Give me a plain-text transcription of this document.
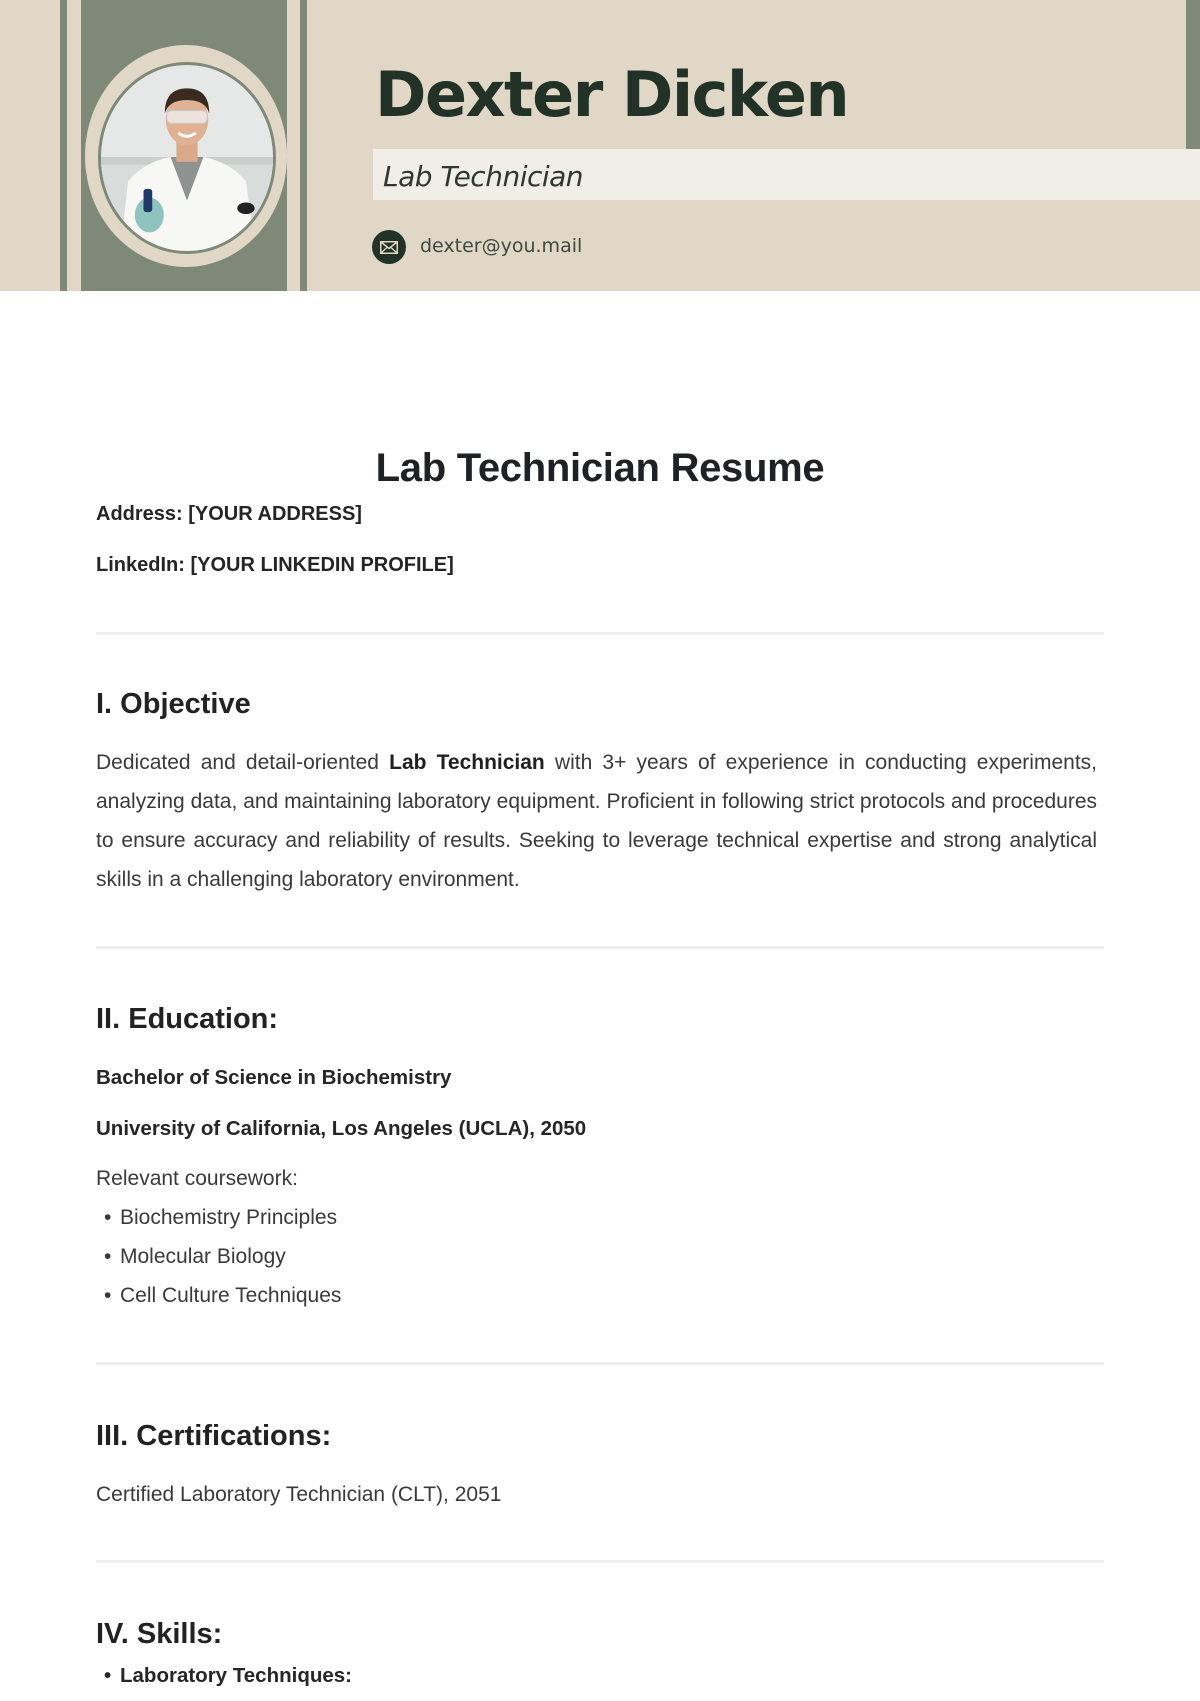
Dexter Dicken
Lab Technician
dexter@you.mail
Lab Technician Resume
Address: [YOUR ADDRESS]
LinkedIn: [YOUR LINKEDIN PROFILE]
I. Objective
Dedicated and detail-oriented Lab Technician with 3+ years of experience in conducting experiments, analyzing data, and maintaining laboratory equipment. Proficient in following strict protocols and procedures to ensure accuracy and reliability of results. Seeking to leverage technical expertise and strong analytical skills in a challenging laboratory environment.
II. Education:
Bachelor of Science in Biochemistry
University of California, Los Angeles (UCLA), 2050
Relevant coursework:
• Biochemistry Principles
• Molecular Biology
• Cell Culture Techniques
III. Certifications:
Certified Laboratory Technician (CLT), 2051
IV. Skills:
• Laboratory Techniques:
